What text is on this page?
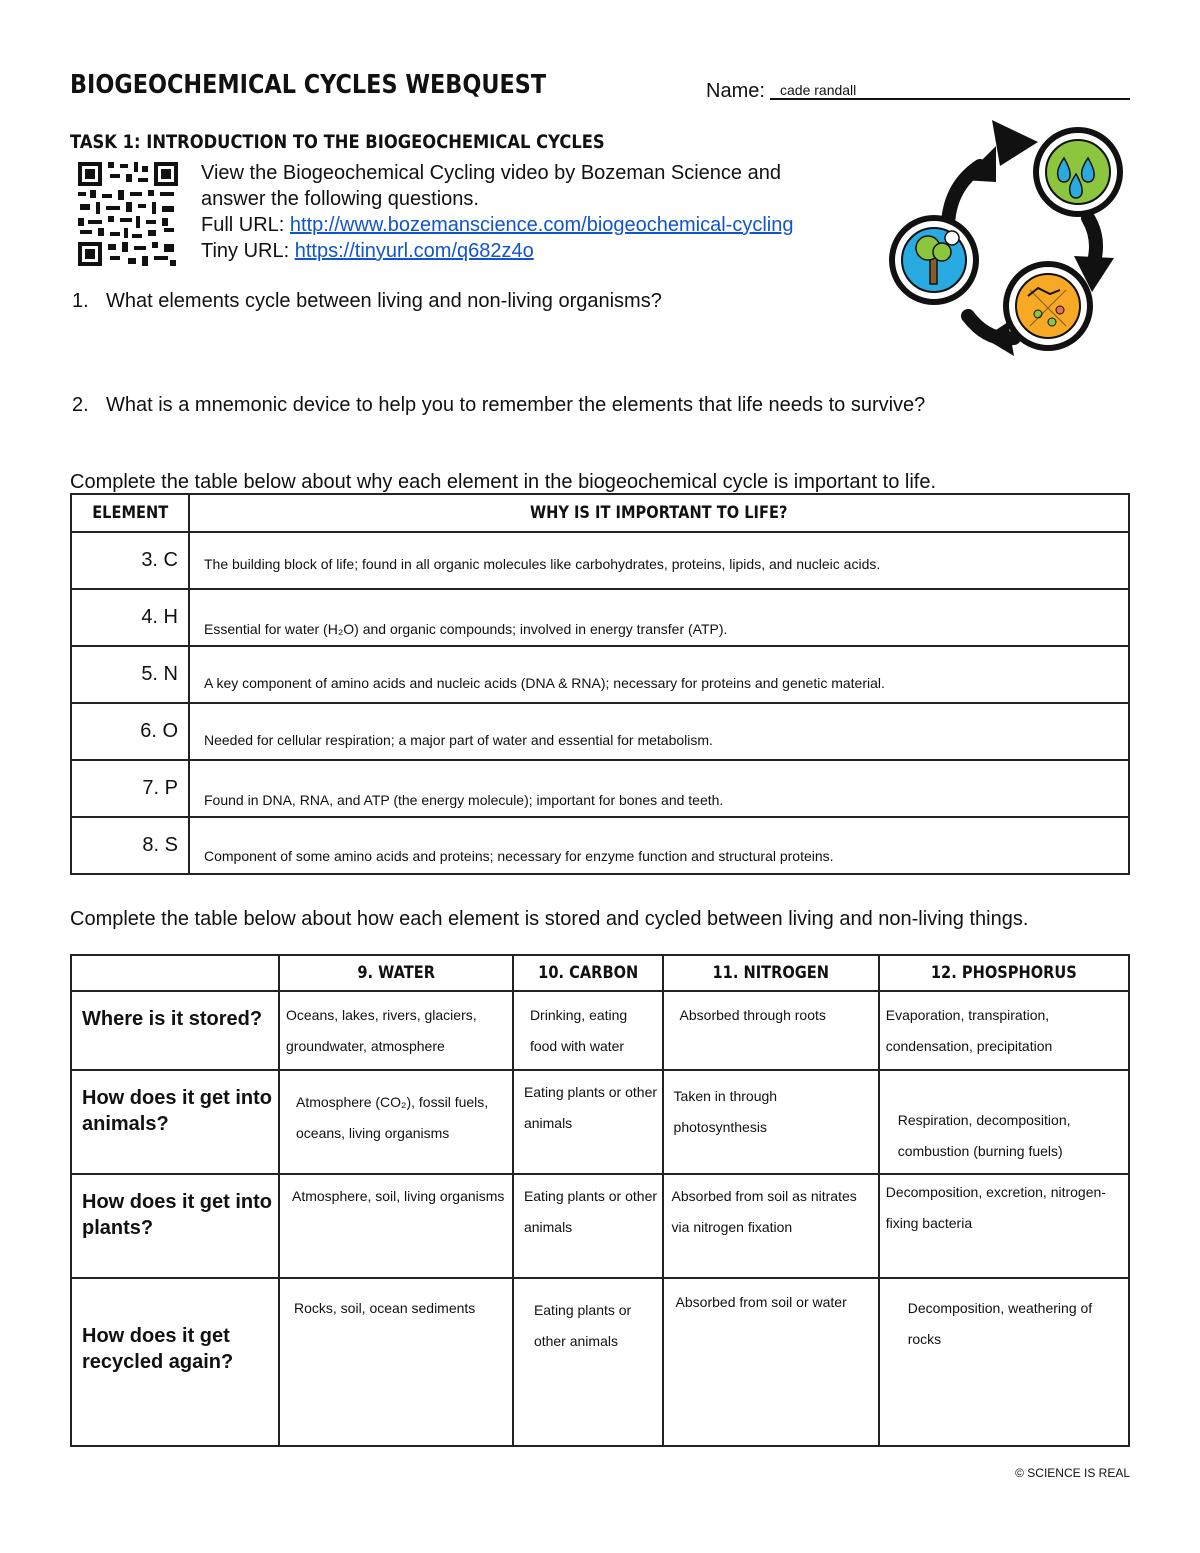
BIOGEOCHEMICAL CYCLES WEBQUEST	Name: cade randall
TASK 1: INTRODUCTION TO THE BIOGEOCHEMICAL CYCLES
View the Biogeochemical Cycling video by Bozeman Science and
answer the following questions.
Full URL: http://www.bozemanscience.com/biogeochemical-cycling
Tiny URL: https://tinyurl.com/q682z4o
1. What elements cycle between living and non-living organisms?
2. What is a mnemonic device to help you to remember the elements that life needs to survive?
Complete the table below about why each element in the biogeochemical cycle is important to life.
ELEMENT	WHY IS IT IMPORTANT TO LIFE?
3. C	The building block of life; found in all organic molecules like carbohydrates, proteins, lipids, and nucleic acids.
4. H	Essential for water (H₂O) and organic compounds; involved in energy transfer (ATP).
5. N	A key component of amino acids and nucleic acids (DNA & RNA); necessary for proteins and genetic material.
6. O	Needed for cellular respiration; a major part of water and essential for metabolism.
7. P	Found in DNA, RNA, and ATP (the energy molecule); important for bones and teeth.
8. S	Component of some amino acids and proteins; necessary for enzyme function and structural proteins.
Complete the table below about how each element is stored and cycled between living and non-living things.
	9. WATER	10. CARBON	11. NITROGEN	12. PHOSPHORUS
Where is it stored?	Oceans, lakes, rivers, glaciers, groundwater, atmosphere	Drinking, eating food with water	Absorbed through roots	Evaporation, transpiration, condensation, precipitation
How does it get into animals?	Atmosphere (CO₂), fossil fuels, oceans, living organisms	Eating plants or other animals	Taken in through photosynthesis	Respiration, decomposition, combustion (burning fuels)
How does it get into plants?	Atmosphere, soil, living organisms	Eating plants or other animals	Absorbed from soil as nitrates via nitrogen fixation	Decomposition, excretion, nitrogen-fixing bacteria
How does it get recycled again?	Rocks, soil, ocean sediments	Eating plants or other animals	Absorbed from soil or water	Decomposition, weathering of rocks
© SCIENCE IS REAL
